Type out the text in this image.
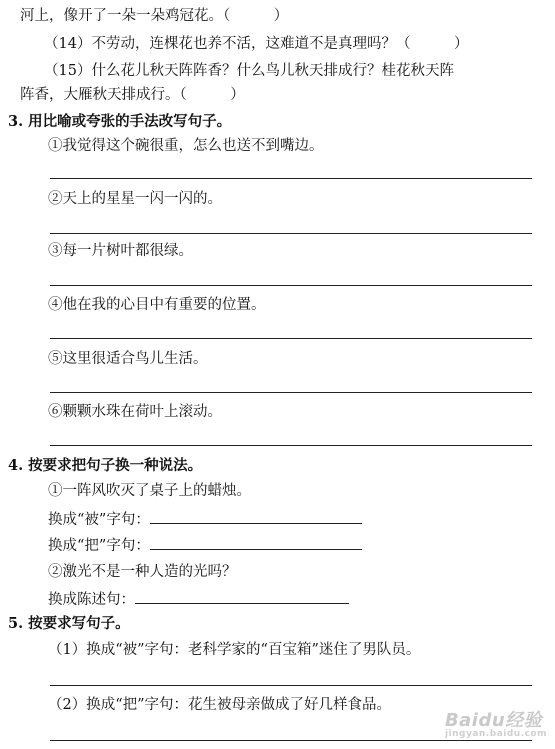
河上，像开了一朵一朵鸡冠花。（　　　）
（14）不劳动，连棵花也养不活，这难道不是真理吗？（　　　）
（15）什么花儿秋天阵阵香？什么鸟儿秋天排成行？桂花秋天阵
阵香，大雁秋天排成行。（　　　）
3. 用比喻或夸张的手法改写句子。
①我觉得这个碗很重，怎么也送不到嘴边。
②天上的星星一闪一闪的。
③每一片树叶都很绿。
④他在我的心目中有重要的位置。
⑤这里很适合鸟儿生活。
⑥颗颗水珠在荷叶上滚动。
4. 按要求把句子换一种说法。
①一阵风吹灭了桌子上的蜡烛。
换成“被”字句：
换成“把”字句：
②激光不是一种人造的光吗？
换成陈述句：
5. 按要求写句子。
（1）换成“被”字句：老科学家的“百宝箱”迷住了男队员。
（2）换成“把”字句：花生被母亲做成了好几样食品。
Baidu经验
jingyan.baidu.com
